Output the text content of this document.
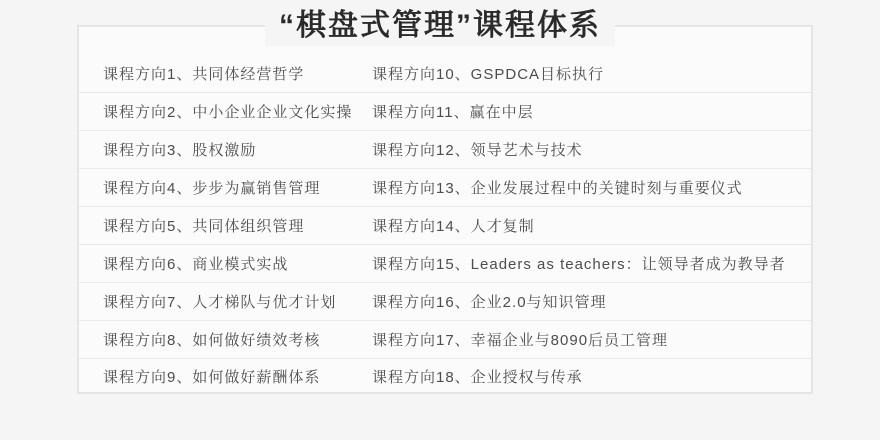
“棋盘式管理”课程体系
课程方向1、共同体经营哲学	课程方向10、GSPDCA目标执行
课程方向2、中小企业企业文化实操	课程方向11、赢在中层
课程方向3、股权激励	课程方向12、领导艺术与技术
课程方向4、步步为赢销售管理	课程方向13、企业发展过程中的关键时刻与重要仪式
课程方向5、共同体组织管理	课程方向14、人才复制
课程方向6、商业模式实战	课程方向15、Leaders as teachers：让领导者成为教导者
课程方向7、人才梯队与优才计划	课程方向16、企业2.0与知识管理
课程方向8、如何做好绩效考核	课程方向17、幸福企业与8090后员工管理
课程方向9、如何做好薪酬体系	课程方向18、企业授权与传承
